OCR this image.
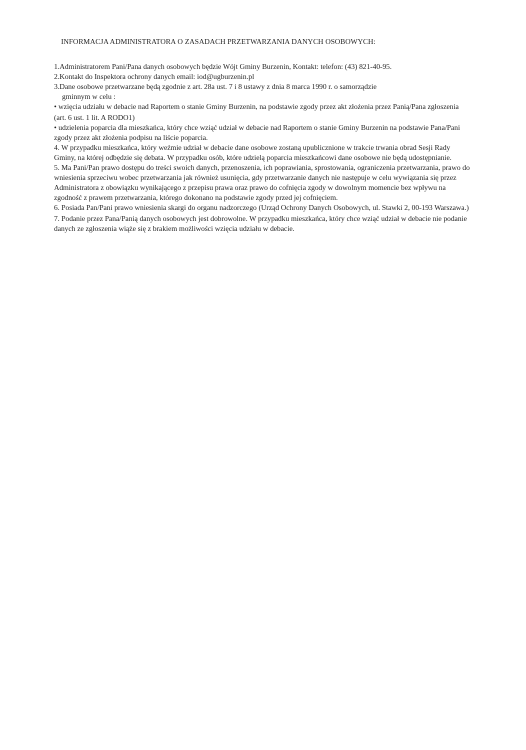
INFORMACJA ADMINISTRATORA O ZASADACH PRZETWARZANIA DANYCH OSOBOWYCH:
1.Administratorem Pani/Pana danych osobowych będzie Wójt Gminy Burzenin, Kontakt: telefon: (43) 821-40-95.
2.Kontakt do Inspektora ochrony danych email: iod@ugburzenin.pl
3.Dane osobowe przetwarzane będą zgodnie z art. 28a ust. 7 i 8 ustawy z dnia 8 marca 1990 r. o samorządzie
gminnym w celu :
• wzięcia udziału w debacie nad Raportem o stanie Gminy Burzenin, na podstawie zgody przez akt złożenia przez Panią/Pana zgłoszenia (art. 6 ust. 1 lit. A RODO1)
• udzielenia poparcia dla mieszkańca, który chce wziąć udział w debacie nad Raportem o stanie Gminy Burzenin na podstawie Pana/Pani zgody przez akt złożenia podpisu na liście poparcia.
4. W przypadku mieszkańca, który weźmie udział w debacie dane osobowe zostaną upublicznione w trakcie trwania obrad Sesji Rady Gminy, na której odbędzie się debata. W przypadku osób, które udzielą poparcia mieszkańcowi dane osobowe nie będą udostępnianie.
5. Ma Pani/Pan prawo dostępu do treści swoich danych, przenoszenia, ich poprawiania, sprostowania, ograniczenia przetwarzania, prawo do wniesienia sprzeciwu wobec przetwarzania jak również usunięcia, gdy przetwarzanie danych nie następuje w celu wywiązania się przez Administratora z obowiązku wynikającego z przepisu prawa oraz prawo do cofnięcia zgody w dowolnym momencie bez wpływu na zgodność z prawem przetwarzania, którego dokonano na podstawie zgody przed jej cofnięciem.
6. Posiada Pan/Pani prawo wniesienia skargi do organu nadzorczego (Urząd Ochrony Danych Osobowych, ul. Stawki 2, 00-193 Warszawa.)
7. Podanie przez Pana/Panią danych osobowych jest dobrowolne. W przypadku mieszkańca, który chce wziąć udział w debacie nie podanie danych ze zgłoszenia wiąże się z brakiem możliwości wzięcia udziału w debacie.
